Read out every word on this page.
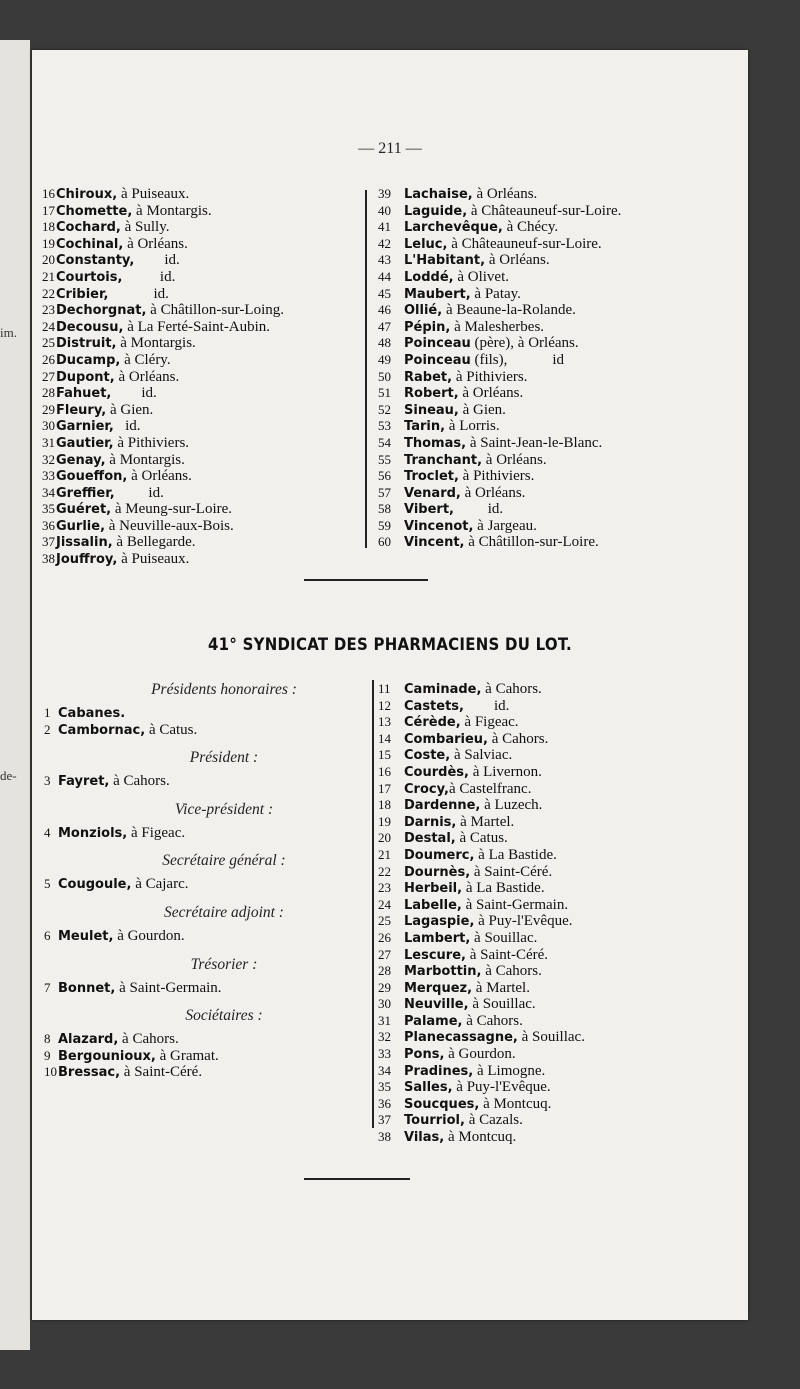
im.
de-
— 211 —
16Chiroux, à Puiseaux.
17Chomette, à Montargis.
18Cochard, à Sully.
19Cochinal, à Orléans.
20Constanty,        id.
21Courtois,          id.
22Cribier,            id.
23Dechorgnat, à Châtillon-sur-Loing.
24Decousu, à La Ferté-Saint-Aubin.
25Distruit, à Montargis.
26Ducamp, à Cléry.
27Dupont, à Orléans.
28Fahuet,        id.
29Fleury, à Gien.
30Garnier,   id.
31Gautier, à Pithiviers.
32Genay, à Montargis.
33Goueffon, à Orléans.
34Greffier,         id.
35Guéret, à Meung-sur-Loire.
36Gurlie, à Neuville-aux-Bois.
37Jissalin, à Bellegarde.
38Jouffroy, à Puiseaux.
39 Lachaise, à Orléans.
40 Laguide, à Châteauneuf-sur-Loire.
41 Larchevêque, à Chécy.
42 Leluc, à Châteauneuf-sur-Loire.
43 L'Habitant, à Orléans.
44 Loddé, à Olivet.
45 Maubert, à Patay.
46 Ollié, à Beaune-la-Rolande.
47 Pépin, à Malesherbes.
48 Poinceau (père), à Orléans.
49 Poinceau (fils),            id
50 Rabet, à Pithiviers.
51 Robert, à Orléans.
52 Sineau, à Gien.
53 Tarin, à Lorris.
54 Thomas, à Saint-Jean-le-Blanc.
55 Tranchant, à Orléans.
56 Troclet, à Pithiviers.
57 Venard, à Orléans.
58 Vibert,         id.
59 Vincenot, à Jargeau.
60 Vincent, à Châtillon-sur-Loire.
41° SYNDICAT DES PHARMACIENS DU LOT.
Présidents honoraires :
1 Cabanes.
2 Cambornac, à Catus.
Président :
3 Fayret, à Cahors.
Vice-président :
4 Monziols, à Figeac.
Secrétaire général :
5 Cougoule, à Cajarc.
Secrétaire adjoint :
6 Meulet, à Gourdon.
Trésorier :
7 Bonnet, à Saint-Germain.
Sociétaires :
8 Alazard, à Cahors.
9 Bergounioux, à Gramat.
10Bressac, à Saint-Céré.
11 Caminade, à Cahors.
12 Castets,        id.
13 Cérède, à Figeac.
14 Combarieu, à Cahors.
15 Coste, à Salviac.
16 Courdès, à Livernon.
17 Crocy,à Castelfranc.
18 Dardenne, à Luzech.
19 Darnis, à Martel.
20 Destal, à Catus.
21 Doumerc, à La Bastide.
22 Dournès, à Saint-Céré.
23 Herbeil, à La Bastide.
24 Labelle, à Saint-Germain.
25 Lagaspie, à Puy-l'Evêque.
26 Lambert, à Souillac.
27 Lescure, à Saint-Céré.
28 Marbottin, à Cahors.
29 Merquez, à Martel.
30 Neuville, à Souillac.
31 Palame, à Cahors.
32 Planecassagne, à Souillac.
33 Pons, à Gourdon.
34 Pradines, à Limogne.
35 Salles, à Puy-l'Evêque.
36 Soucques, à Montcuq.
37 Tourriol, à Cazals.
38 Vilas, à Montcuq.
